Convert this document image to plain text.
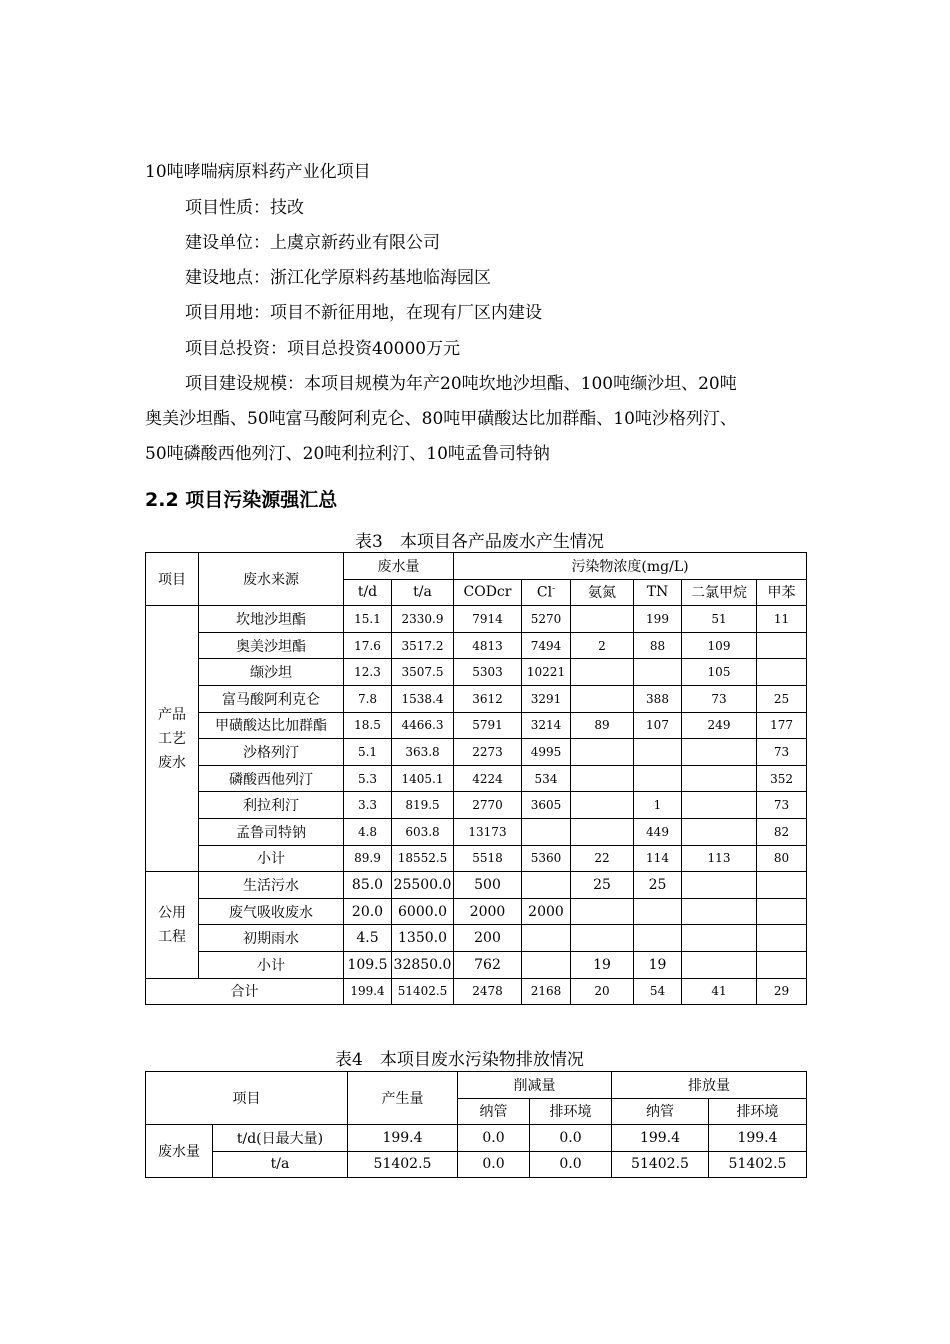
10吨哮喘病原料药产业化项目
项目性质：技改
建设单位：上虞京新药业有限公司
建设地点：浙江化学原料药基地临海园区
项目用地：项目不新征用地，在现有厂区内建设
项目总投资：项目总投资40000万元
项目建设规模：本项目规模为年产20吨坎地沙坦酯、100吨缬沙坦、20吨
奥美沙坦酯、50吨富马酸阿利克仑、80吨甲磺酸达比加群酯、10吨沙格列汀、
50吨磷酸西他列汀、20吨利拉利汀、10吨孟鲁司特钠
2.2 项目污染源强汇总
表3　本项目各产品废水产生情况
项目	废水来源	废水量		污染物浓度(mg/L)					
		t/d	t/a	CODcr	Cl-	氨氮	TN	二氯甲烷	甲苯
产品
工艺
废水	坎地沙坦酯	15.1	2330.9	7914	5270		199	51	11
	奥美沙坦酯	17.6	3517.2	4813	7494	2	88	109	
	缬沙坦	12.3	3507.5	5303	10221			105	
	富马酸阿利克仑	7.8	1538.4	3612	3291		388	73	25
	甲磺酸达比加群酯	18.5	4466.3	5791	3214	89	107	249	177
	沙格列汀	5.1	363.8	2273	4995				73
	磷酸西他列汀	5.3	1405.1	4224	534				352
	利拉利汀	3.3	819.5	2770	3605		1		73
	孟鲁司特钠	4.8	603.8	13173			449		82
	小计	89.9	18552.5	5518	5360	22	114	113	80
公用
工程	生活污水	85.0	25500.0	500		25	25		
	废气吸收废水	20.0	6000.0	2000	2000				
	初期雨水	4.5	1350.0	200					
	小计	109.5	32850.0	762		19	19		
合计		199.4	51402.5	2478	2168	20	54	41	29
表4　本项目废水污染物排放情况
项目		产生量	削减量		排放量	
			纳管	排环境	纳管	排环境
废水量	t/d(日最大量)	199.4	0.0	0.0	199.4	199.4
	t/a	51402.5	0.0	0.0	51402.5	51402.5
